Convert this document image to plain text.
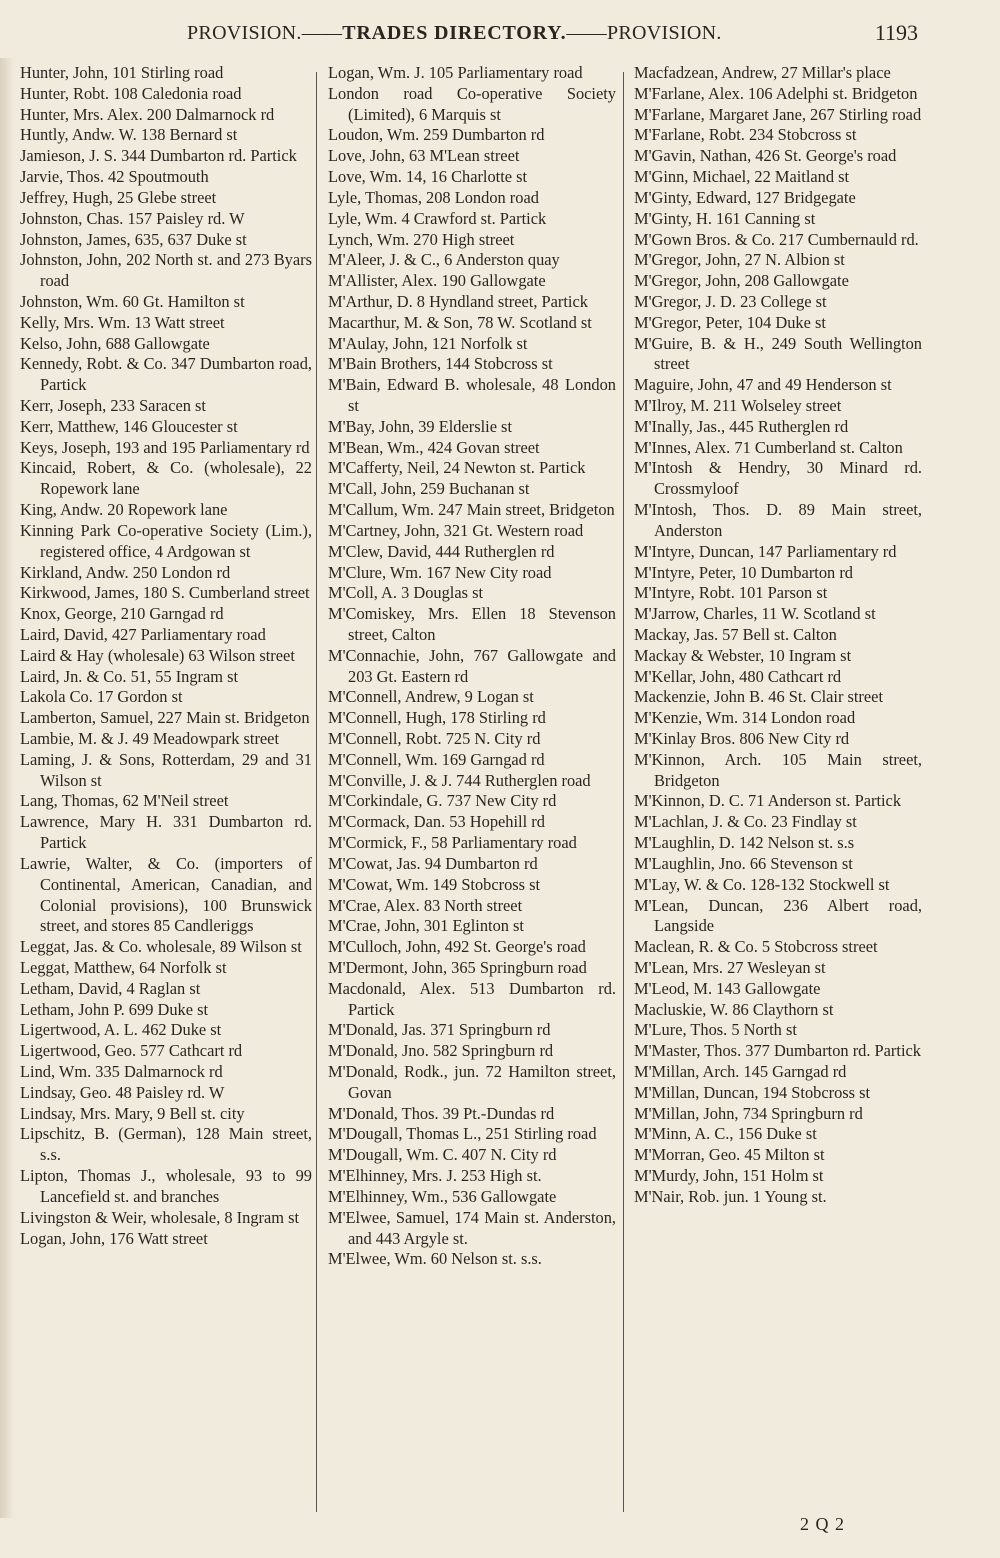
PROVISION.——TRADES DIRECTORY.——PROVISION.	1193
Hunter, John, 101 Stirling road
Hunter, Robt. 108 Caledonia road
Hunter, Mrs. Alex. 200 Dalmarnock rd
Huntly, Andw. W. 138 Bernard st
Jamieson, J. S. 344 Dumbarton rd. Partick
Jarvie, Thos. 42 Spoutmouth
Jeffrey, Hugh, 25 Glebe street
Johnston, Chas. 157 Paisley rd. W
Johnston, James, 635, 637 Duke st
Johnston, John, 202 North st. and 273 Byars road
Johnston, Wm. 60 Gt. Hamilton st
Kelly, Mrs. Wm. 13 Watt street
Kelso, John, 688 Gallowgate
Kennedy, Robt. & Co. 347 Dumbarton road, Partick
Kerr, Joseph, 233 Saracen st
Kerr, Matthew, 146 Gloucester st
Keys, Joseph, 193 and 195 Parliamentary rd
Kincaid, Robert, & Co. (wholesale), 22 Ropework lane
King, Andw. 20 Ropework lane
Kinning Park Co-operative Society (Lim.), registered office, 4 Ardgowan st
Kirkland, Andw. 250 London rd
Kirkwood, James, 180 S. Cumberland street
Knox, George, 210 Garngad rd
Laird, David, 427 Parliamentary road
Laird & Hay (wholesale) 63 Wilson street
Laird, Jn. & Co. 51, 55 Ingram st
Lakola Co. 17 Gordon st
Lamberton, Samuel, 227 Main st. Bridgeton
Lambie, M. & J. 49 Meadowpark street
Laming, J. & Sons, Rotterdam, 29 and 31 Wilson st
Lang, Thomas, 62 M'Neil street
Lawrence, Mary H. 331 Dumbarton rd. Partick
Lawrie, Walter, & Co. (importers of Continental, American, Canadian, and Colonial provisions), 100 Brunswick street, and stores 85 Candleriggs
Leggat, Jas. & Co. wholesale, 89 Wilson st
Leggat, Matthew, 64 Norfolk st
Letham, David, 4 Raglan st
Letham, John P. 699 Duke st
Ligertwood, A. L. 462 Duke st
Ligertwood, Geo. 577 Cathcart rd
Lind, Wm. 335 Dalmarnock rd
Lindsay, Geo. 48 Paisley rd. W
Lindsay, Mrs. Mary, 9 Bell st. city
Lipschitz, B. (German), 128 Main street, s.s.
Lipton, Thomas J., wholesale, 93 to 99 Lancefield st. and branches
Livingston & Weir, wholesale, 8 Ingram st
Logan, John, 176 Watt street
Logan, Wm. J. 105 Parliamentary road
London road Co-operative Society (Limited), 6 Marquis st
Loudon, Wm. 259 Dumbarton rd
Love, John, 63 M'Lean street
Love, Wm. 14, 16 Charlotte st
Lyle, Thomas, 208 London road
Lyle, Wm. 4 Crawford st. Partick
Lynch, Wm. 270 High street
M'Aleer, J. & C., 6 Anderston quay
M'Allister, Alex. 190 Gallowgate
M'Arthur, D. 8 Hyndland street, Partick
Macarthur, M. & Son, 78 W. Scotland st
M'Aulay, John, 121 Norfolk st
M'Bain Brothers, 144 Stobcross st
M'Bain, Edward B. wholesale, 48 London st
M'Bay, John, 39 Elderslie st
M'Bean, Wm., 424 Govan street
M'Cafferty, Neil, 24 Newton st. Partick
M'Call, John, 259 Buchanan st
M'Callum, Wm. 247 Main street, Bridgeton
M'Cartney, John, 321 Gt. Western road
M'Clew, David, 444 Rutherglen rd
M'Clure, Wm. 167 New City road
M'Coll, A. 3 Douglas st
M'Comiskey, Mrs. Ellen 18 Stevenson street, Calton
M'Connachie, John, 767 Gallowgate and 203 Gt. Eastern rd
M'Connell, Andrew, 9 Logan st
M'Connell, Hugh, 178 Stirling rd
M'Connell, Robt. 725 N. City rd
M'Connell, Wm. 169 Garngad rd
M'Conville, J. & J. 744 Rutherglen road
M'Corkindale, G. 737 New City rd
M'Cormack, Dan. 53 Hopehill rd
M'Cormick, F., 58 Parliamentary road
M'Cowat, Jas. 94 Dumbarton rd
M'Cowat, Wm. 149 Stobcross st
M'Crae, Alex. 83 North street
M'Crae, John, 301 Eglinton st
M'Culloch, John, 492 St. George's road
M'Dermont, John, 365 Springburn road
Macdonald, Alex. 513 Dumbarton rd. Partick
M'Donald, Jas. 371 Springburn rd
M'Donald, Jno. 582 Springburn rd
M'Donald, Rodk., jun. 72 Hamilton street, Govan
M'Donald, Thos. 39 Pt.-Dundas rd
M'Dougall, Thomas L., 251 Stirling road
M'Dougall, Wm. C. 407 N. City rd
M'Elhinney, Mrs. J. 253 High st.
M'Elhinney, Wm., 536 Gallowgate
M'Elwee, Samuel, 174 Main st. Anderston, and 443 Argyle st.
M'Elwee, Wm. 60 Nelson st. s.s.
Macfadzean, Andrew, 27 Millar's place
M'Farlane, Alex. 106 Adelphi st. Bridgeton
M'Farlane, Margaret Jane, 267 Stirling road
M'Farlane, Robt. 234 Stobcross st
M'Gavin, Nathan, 426 St. George's road
M'Ginn, Michael, 22 Maitland st
M'Ginty, Edward, 127 Bridgegate
M'Ginty, H. 161 Canning st
M'Gown Bros. & Co. 217 Cumbernauld rd.
M'Gregor, John, 27 N. Albion st
M'Gregor, John, 208 Gallowgate
M'Gregor, J. D. 23 College st
M'Gregor, Peter, 104 Duke st
M'Guire, B. & H., 249 South Wellington street
Maguire, John, 47 and 49 Henderson st
M'Ilroy, M. 211 Wolseley street
M'Inally, Jas., 445 Rutherglen rd
M'Innes, Alex. 71 Cumberland st. Calton
M'Intosh & Hendry, 30 Minard rd. Crossmyloof
M'Intosh, Thos. D. 89 Main street, Anderston
M'Intyre, Duncan, 147 Parliamentary rd
M'Intyre, Peter, 10 Dumbarton rd
M'Intyre, Robt. 101 Parson st
M'Jarrow, Charles, 11 W. Scotland st
Mackay, Jas. 57 Bell st. Calton
Mackay & Webster, 10 Ingram st
M'Kellar, John, 480 Cathcart rd
Mackenzie, John B. 46 St. Clair street
M'Kenzie, Wm. 314 London road
M'Kinlay Bros. 806 New City rd
M'Kinnon, Arch. 105 Main street, Bridgeton
M'Kinnon, D. C. 71 Anderson st. Partick
M'Lachlan, J. & Co. 23 Findlay st
M'Laughlin, D. 142 Nelson st. s.s
M'Laughlin, Jno. 66 Stevenson st
M'Lay, W. & Co. 128-132 Stockwell st
M'Lean, Duncan, 236 Albert road, Langside
Maclean, R. & Co. 5 Stobcross street
M'Lean, Mrs. 27 Wesleyan st
M'Leod, M. 143 Gallowgate
Macluskie, W. 86 Claythorn st
M'Lure, Thos. 5 North st
M'Master, Thos. 377 Dumbarton rd. Partick
M'Millan, Arch. 145 Garngad rd
M'Millan, Duncan, 194 Stobcross st
M'Millan, John, 734 Springburn rd
M'Minn, A. C., 156 Duke st
M'Morran, Geo. 45 Milton st
M'Murdy, John, 151 Holm st
M'Nair, Rob. jun. 1 Young st.
2 Q 2
